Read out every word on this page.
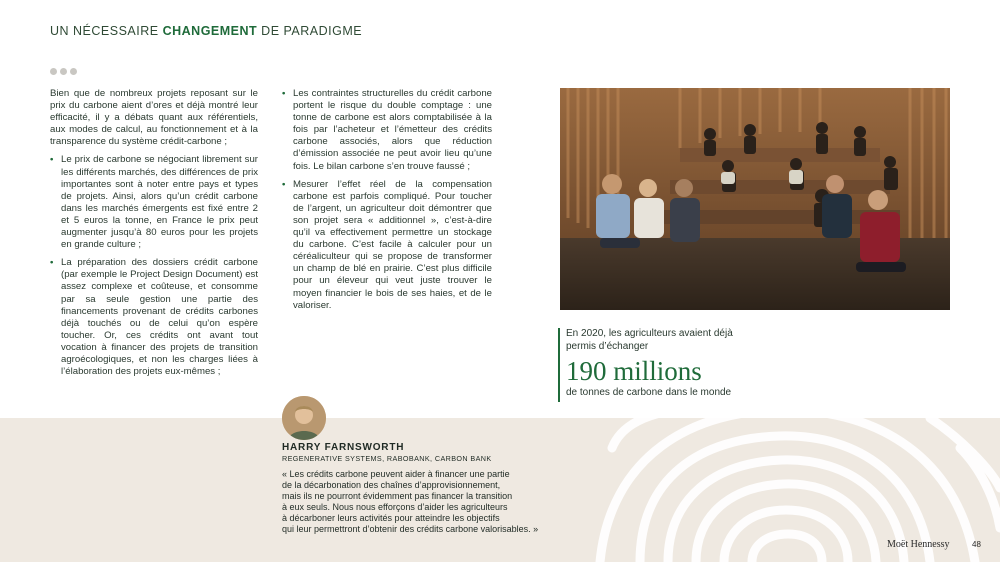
UN NÉCESSAIRE CHANGEMENT DE PARADIGME

Bien que de nombreux projets reposant sur le prix du carbone aient d’ores et déjà montré leur efficacité, il y a débats quant aux référentiels, aux modes de calcul, au fonctionnement et à la transparence du système crédit-carbone ;

• Le prix de carbone se négociant librement sur les différents marchés, des différences de prix importantes sont à noter entre pays et types de projets. Ainsi, alors qu’un crédit carbone dans les marchés émergents est fixé entre 2 et 5 euros la tonne, en France le prix peut augmenter jusqu’à 80 euros pour les projets en grande culture ;
• La préparation des dossiers crédit carbone (par exemple le Project Design Document) est assez complexe et coûteuse, et consomme par sa seule gestion une partie des financements provenant de crédits carbones déjà touchés ou de celui qu’on espère toucher. Or, ces crédits ont avant tout vocation à financer des projets de transition agroécologiques, et non les charges liées à l’élaboration des projets eux-mêmes ;
• Les contraintes structurelles du crédit carbone portent le risque du double comptage : une tonne de carbone est alors comptabilisée à la fois par l’acheteur et l’émetteur des crédits carbone associés, alors que réduction d’émission associée ne peut avoir lieu qu’une fois. Le bilan carbone s’en trouve faussé ;
• Mesurer l’effet réel de la compensation carbone est parfois compliqué. Pour toucher de l’argent, un agriculteur doit démontrer que son projet sera « additionnel », c’est-à-dire qu’il va effectivement permettre un stockage du carbone. C’est facile à calculer pour un céréaliculteur qui se propose de transformer un champ de blé en prairie. C’est plus difficile pour un éleveur qui veut juste trouver le moyen financier le bois de ses haies, et de le valoriser.
En 2020, les agriculteurs avaient déjà permis d’échanger
190 millions
de tonnes de carbone dans le monde
HARRY FARNSWORTH
REGENERATIVE SYSTEMS, RABOBANK, CARBON BANK
« Les crédits carbone peuvent aider à financer une partie
de la décarbonation des chaînes d’approvisionnement,
mais ils ne pourront évidemment pas financer la transition
à eux seuls. Nous nous efforçons d’aider les agriculteurs
à décarboner leurs activités pour atteindre les objectifs
qui leur permettront d’obtenir des crédits carbone valorisables. »
Moët Hennessy	48
